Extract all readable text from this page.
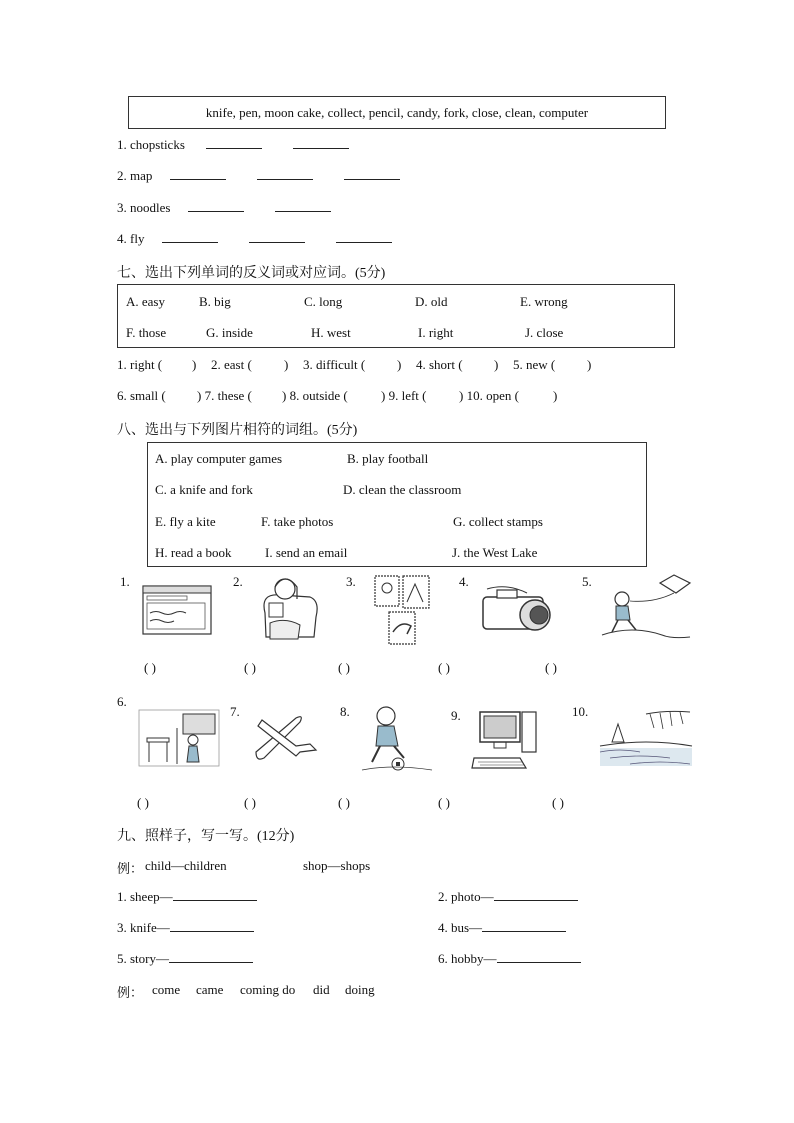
knife, pen, moon cake, collect, pencil, candy, fork, close, clean, computer
1. chopsticks
2. map
3. noodles
4. fly
七、选出下列单词的反义词或对应词。(5分)
A. easy	B. big	C. long	D. old	E. wrong
F. those	G. inside	H. west	I. right	J. close
1. right ( ) 2. east ( ) 3. difficult ( ) 4. short ( ) 5. new ( )
6. small ( ) 7. these ( ) 8. outside (	) 9. left (	) 10. open (	)
八、选出与下列图片相符的词组。(5分)
A. play computer games	B. play football
C. a knife and fork	D. clean the classroom
E. fly a kite	F. take photos	G. collect stamps
H. read a book	I. send an email	J. the West Lake
1.	2.	3.	4.	5.
( )	( )	( )	( )	( )
6.
7.	8.	9.	10.
( )	( )	( )	( )	( )
九、照样子，写一写。(12分)
例： child—children	shop—shops
1. sheep—	2. photo—
3. knife—	4. bus—
5. story—	6. hobby—
例： come came coming do did doing
